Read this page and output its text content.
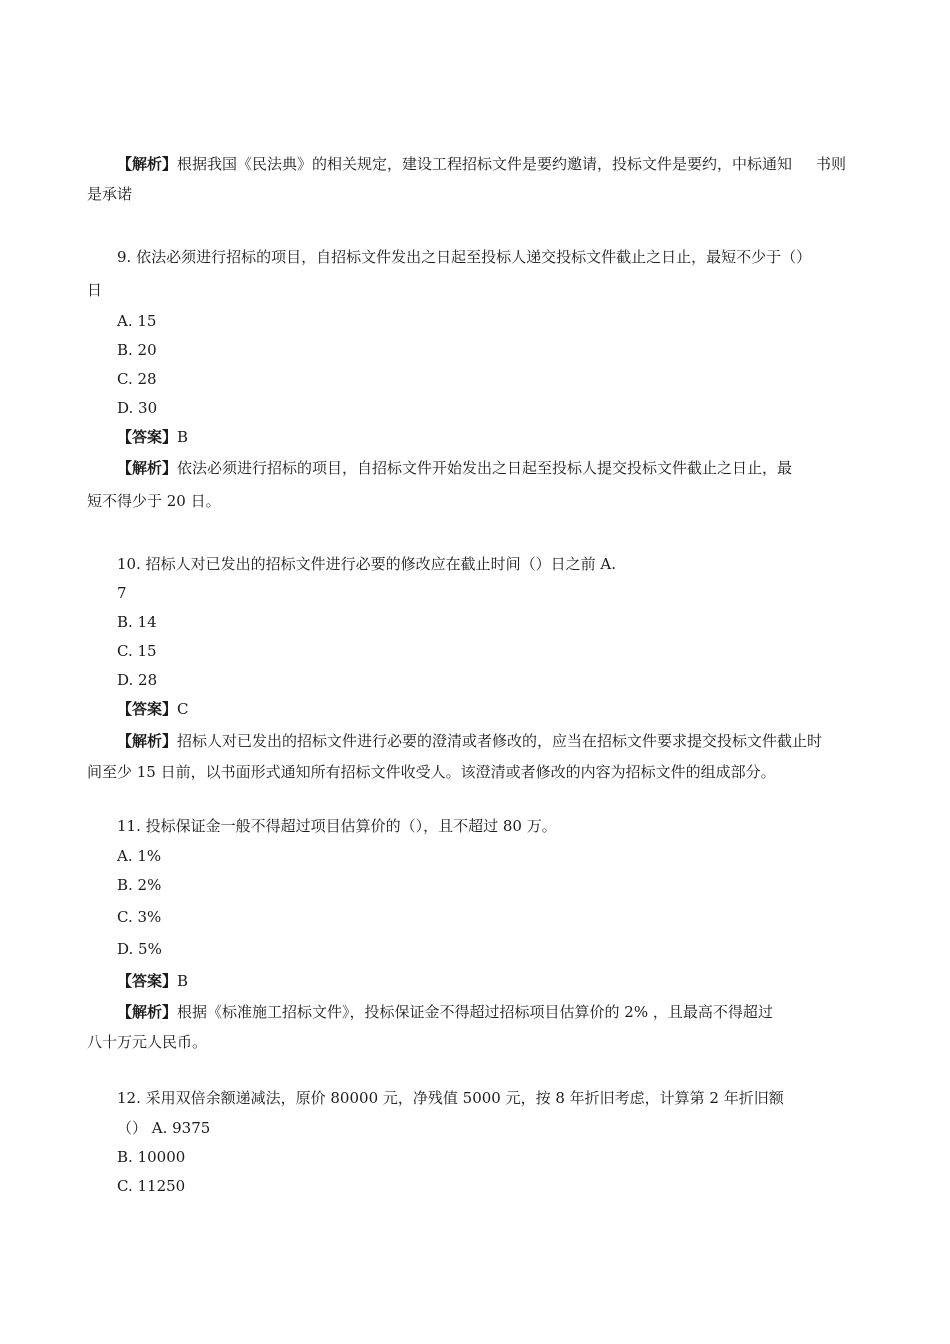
【解析】根据我国《民法典》的相关规定，建设工程招标文件是要约邀请，投标文件是要约，中标通知 书则
是承诺
9. 依法必须进行招标的项目，自招标文件发出之日起至投标人递交投标文件截止之日止，最短不少于（）
日
A. 15
B. 20
C. 28
D. 30
【答案】B
【解析】依法必须进行招标的项目，自招标文件开始发出之日起至投标人提交投标文件截止之日止，最
短不得少于 20 日。
10. 招标人对已发出的招标文件进行必要的修改应在截止时间（）日之前 A.
7
B. 14
C. 15
D. 28
【答案】C
【解析】招标人对已发出的招标文件进行必要的澄清或者修改的，应当在招标文件要求提交投标文件截止时
间至少 15 日前，以书面形式通知所有招标文件收受人。该澄清或者修改的内容为招标文件的组成部分。
11. 投标保证金一般不得超过项目估算价的（），且不超过 80 万。
A. 1%
B. 2%
C. 3%
D. 5%
【答案】B
【解析】根据《标准施工招标文件》，投标保证金不得超过招标项目估算价的 2% ，且最高不得超过
八十万元人民币。
12. 采用双倍余额递减法，原价 80000 元，净残值 5000 元，按 8 年折旧考虑，计算第 2 年折旧额
（） A. 9375
B. 10000
C. 11250
